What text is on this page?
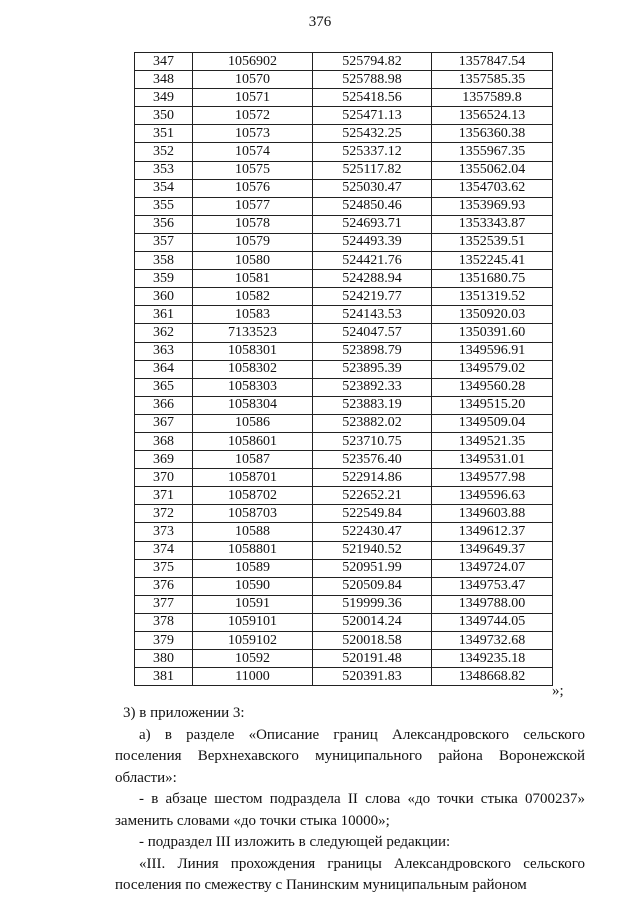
376
347	1056902	525794.82	1357847.54
348	10570	525788.98	1357585.35
349	10571	525418.56	1357589.8
350	10572	525471.13	1356524.13
351	10573	525432.25	1356360.38
352	10574	525337.12	1355967.35
353	10575	525117.82	1355062.04
354	10576	525030.47	1354703.62
355	10577	524850.46	1353969.93
356	10578	524693.71	1353343.87
357	10579	524493.39	1352539.51
358	10580	524421.76	1352245.41
359	10581	524288.94	1351680.75
360	10582	524219.77	1351319.52
361	10583	524143.53	1350920.03
362	7133523	524047.57	1350391.60
363	1058301	523898.79	1349596.91
364	1058302	523895.39	1349579.02
365	1058303	523892.33	1349560.28
366	1058304	523883.19	1349515.20
367	10586	523882.02	1349509.04
368	1058601	523710.75	1349521.35
369	10587	523576.40	1349531.01
370	1058701	522914.86	1349577.98
371	1058702	522652.21	1349596.63
372	1058703	522549.84	1349603.88
373	10588	522430.47	1349612.37
374	1058801	521940.52	1349649.37
375	10589	520951.99	1349724.07
376	10590	520509.84	1349753.47
377	10591	519999.36	1349788.00
378	1059101	520014.24	1349744.05
379	1059102	520018.58	1349732.68
380	10592	520191.48	1349235.18
381	11000	520391.83	1348668.82
»;

3) в приложении 3:

а) в разделе «Описание границ Александровского сельского поселения Верхнехавского муниципального района Воронежской области»:

- в абзаце шестом подраздела II слова «до точки стыка 0700237» заменить словами «до точки стыка 10000»;

- подраздел III изложить в следующей редакции:

«III. Линия прохождения границы Александровского сельского поселения по смежеству с Панинским муниципальным районом
